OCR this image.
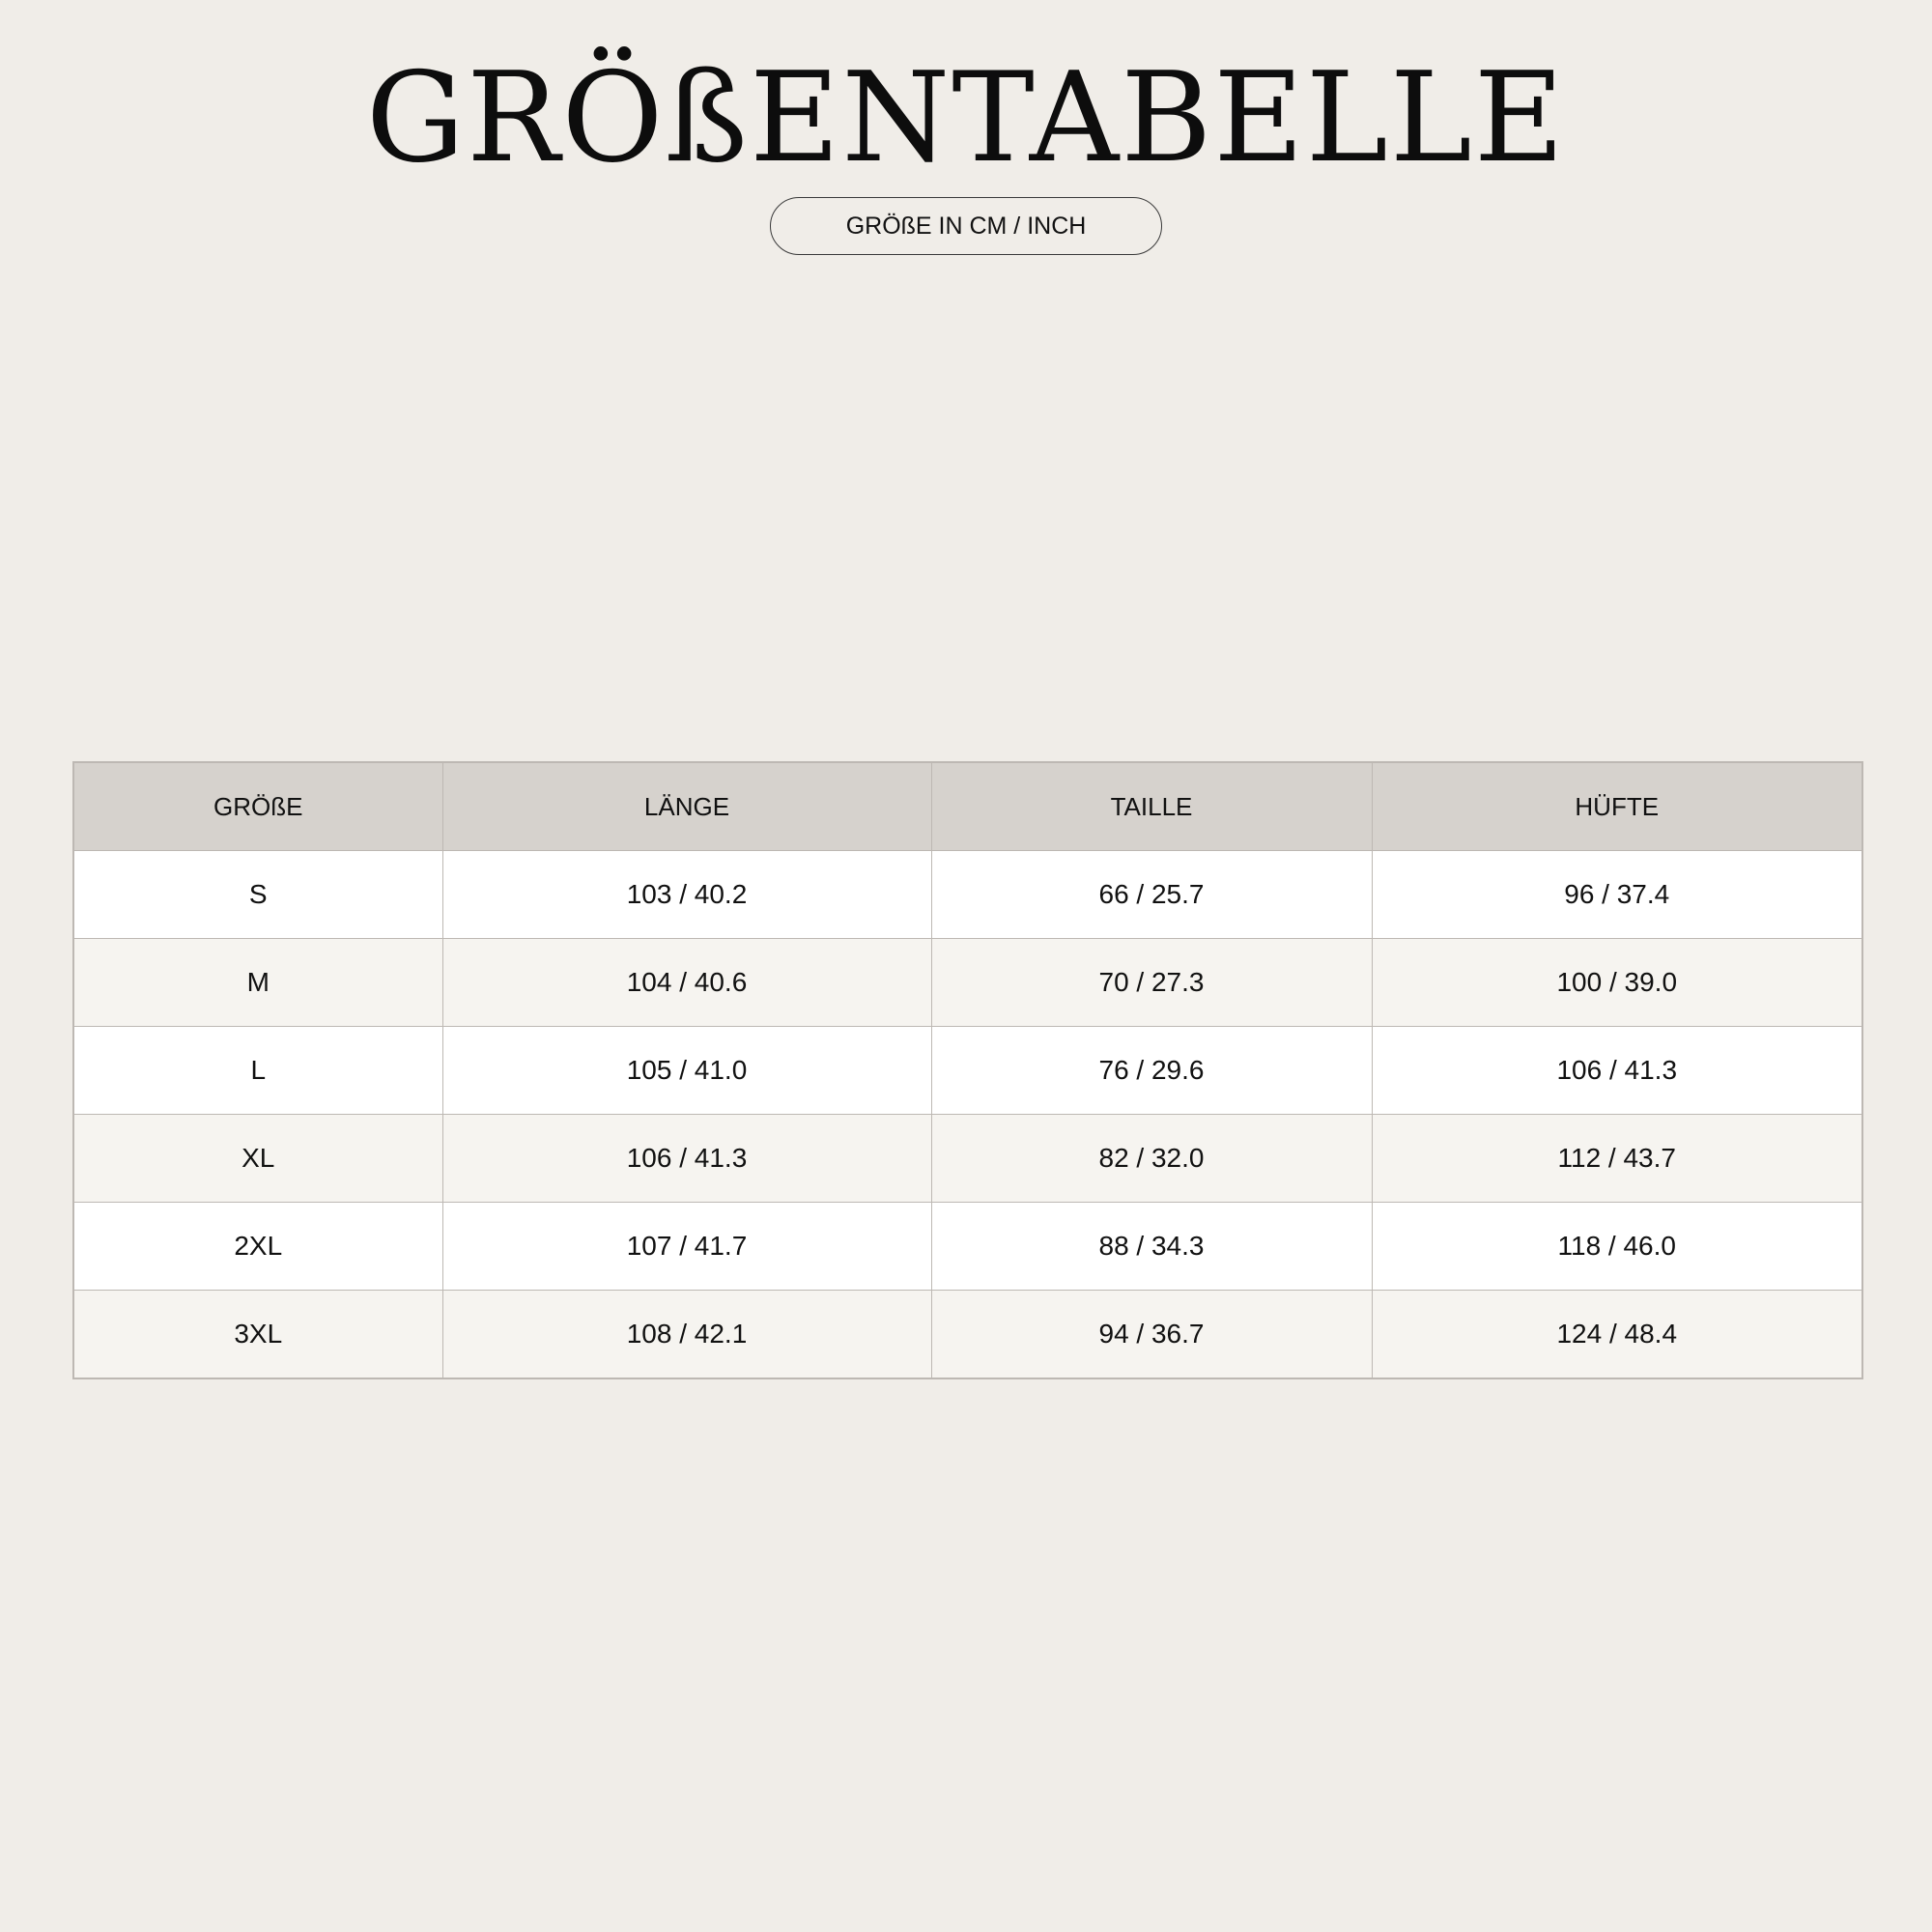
GRÖßENTABELLE
GRÖßE IN CM / INCH
GRÖßE	LÄNGE	TAILLE	HÜFTE
S	103 / 40.2	66 / 25.7	96 / 37.4
M	104 / 40.6	70 / 27.3	100 / 39.0
L	105 / 41.0	76 / 29.6	106 / 41.3
XL	106 / 41.3	82 / 32.0	112 / 43.7
2XL	107 / 41.7	88 / 34.3	118 / 46.0
3XL	108 / 42.1	94 / 36.7	124 / 48.4
